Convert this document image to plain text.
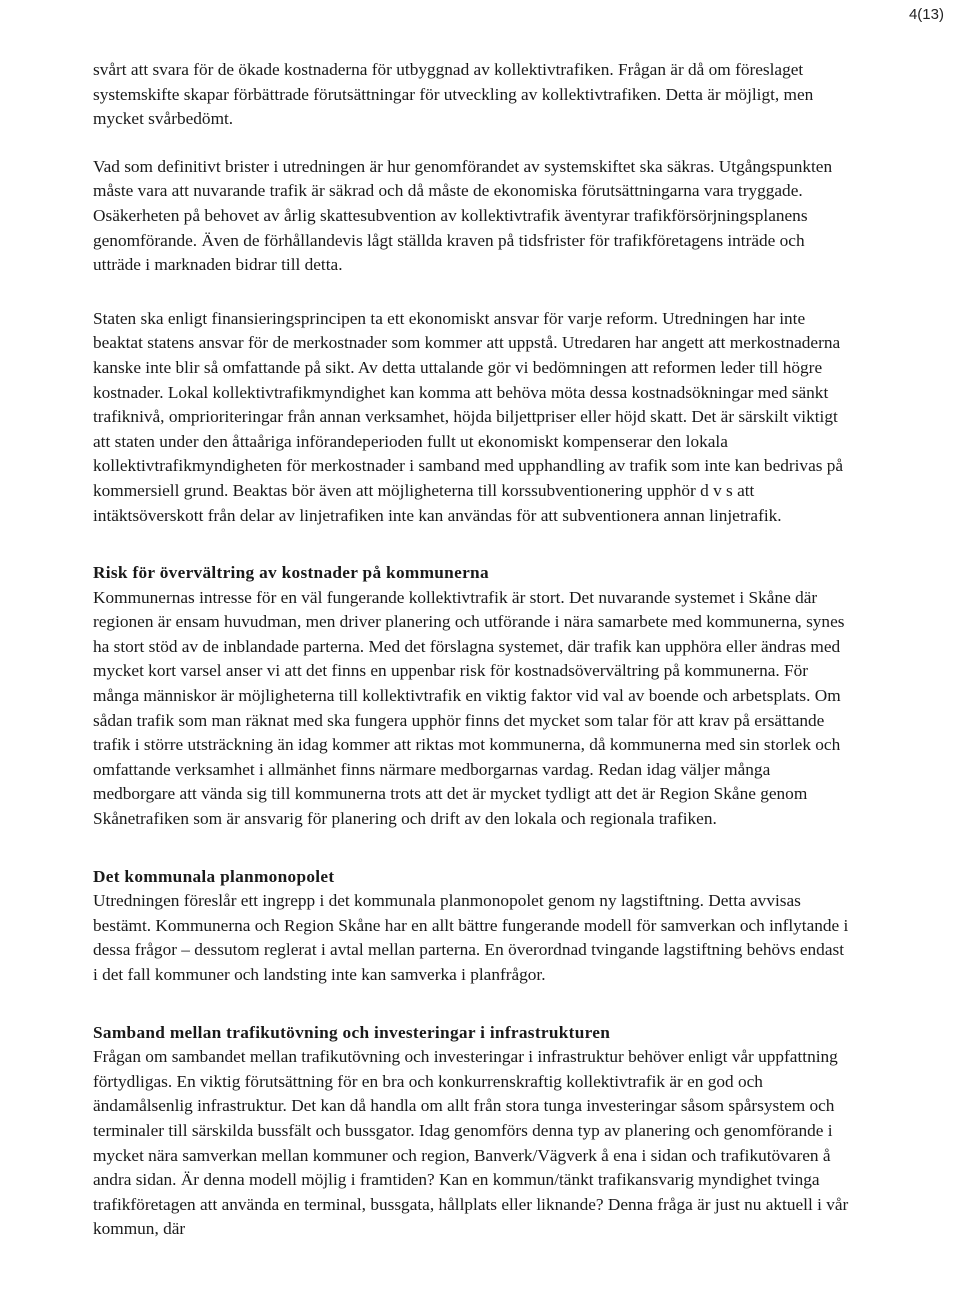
4(13)

svårt att svara för de ökade kostnaderna för utbyggnad av kollektivtrafiken. Frågan är då om föreslaget systemskifte skapar förbättrade förutsättningar för utveckling av kollektivtrafiken. Detta är möjligt, men mycket svårbedömt.

Vad som definitivt brister i utredningen är hur genomförandet av systemskiftet ska säkras. Utgångspunkten måste vara att nuvarande trafik är säkrad och då måste de ekonomiska förutsättningarna vara tryggade. Osäkerheten på behovet av årlig skattesubvention av kollektivtrafik äventyrar trafikförsörjningsplanens genomförande. Även de förhållandevis lågt ställda kraven på tidsfrister för trafikföretagens inträde och utträde i marknaden bidrar till detta.

Staten ska enligt finansieringsprincipen ta ett ekonomiskt ansvar för varje reform. Utredningen har inte beaktat statens ansvar för de merkostnader som kommer att uppstå. Utredaren har angett att merkostnaderna kanske inte blir så omfattande på sikt. Av detta uttalande gör vi bedömningen att reformen leder till högre kostnader. Lokal kollektivtrafikmyndighet kan komma att behöva möta dessa kostnadsökningar med sänkt trafiknivå, omprioriteringar från annan verksamhet, höjda biljettpriser eller höjd skatt. Det är särskilt viktigt att staten under den åttaåriga införandeperioden fullt ut ekonomiskt kompenserar den lokala kollektivtrafikmyndigheten för merkostnader i samband med upphandling av trafik som inte kan bedrivas på kommersiell grund. Beaktas bör även att möjligheterna till korssubventionering upphör d v s att intäktsöverskott från delar av linjetrafiken inte kan användas för att subventionera annan linjetrafik.

Risk för övervältring av kostnader på kommunerna

Kommunernas intresse för en väl fungerande kollektivtrafik är stort. Det nuvarande systemet i Skåne där regionen är ensam huvudman, men driver planering och utförande i nära samarbete med kommunerna, synes ha stort stöd av de inblandade parterna. Med det förslagna systemet, där trafik kan upphöra eller ändras med mycket kort varsel anser vi att det finns en uppenbar risk för kostnadsövervältring på kommunerna. För många människor är möjligheterna till kollektivtrafik en viktig faktor vid val av boende och arbetsplats. Om sådan trafik som man räknat med ska fungera upphör finns det mycket som talar för att krav på ersättande trafik i större utsträckning än idag kommer att riktas mot kommunerna, då kommunerna med sin storlek och omfattande verksamhet i allmänhet finns närmare medborgarnas vardag. Redan idag väljer många medborgare att vända sig till kommunerna trots att det är mycket tydligt att det är Region Skåne genom Skånetrafiken som är ansvarig för planering och drift av den lokala och regionala trafiken.

Det kommunala planmonopolet

Utredningen föreslår ett ingrepp i det kommunala planmonopolet genom ny lagstiftning. Detta avvisas bestämt. Kommunerna och Region Skåne har en allt bättre fungerande modell för samverkan och inflytande i dessa frågor – dessutom reglerat i avtal mellan parterna. En överordnad tvingande lagstiftning behövs endast i det fall kommuner och landsting inte kan samverka i planfrågor.

Samband mellan trafikutövning och investeringar i infrastrukturen

Frågan om sambandet mellan trafikutövning och investeringar i infrastruktur behöver enligt vår uppfattning förtydligas. En viktig förutsättning för en bra och konkurrenskraftig kollektivtrafik är en god och ändamålsenlig infrastruktur. Det kan då handla om allt från stora tunga investeringar såsom spårsystem och terminaler till särskilda bussfält och bussgator. Idag genomförs denna typ av planering och genomförande i mycket nära samverkan mellan kommuner och region, Banverk/Vägverk å ena i sidan och trafikutövaren å andra sidan. Är denna modell möjlig i framtiden? Kan en kommun/tänkt trafikansvarig myndighet tvinga trafikföretagen att använda en terminal, bussgata, hållplats eller liknande? Denna fråga är just nu aktuell i vår kommun, där
